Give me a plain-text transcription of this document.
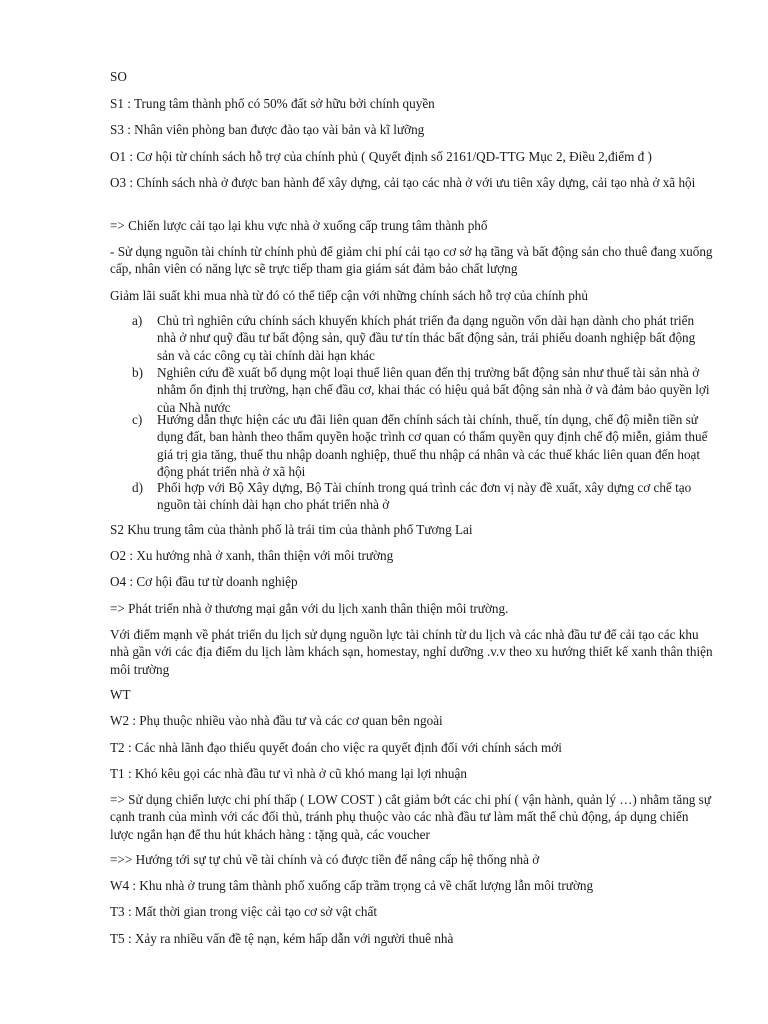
SO

S1 : Trung tâm thành phố có 50% đất sở hữu bởi chính quyền

S3 : Nhân viên phòng ban được đào tạo vài bản và kĩ lưỡng

O1 : Cơ hội từ chính sách hỗ trợ của chính phủ ( Quyết định số 2161/QD-TTG Mục 2, Điều 2,điểm đ )

O3 : Chính sách nhà ở được ban hành để xây dựng, cải tạo các nhà ở với ưu tiên xây dựng, cải tạo nhà ở xã hội

=> Chiến lược cải tạo lại khu vực nhà ở xuống cấp trung tâm thành phố

- Sử dụng nguồn tài chính từ chính phủ để giảm chi phí cải tạo cơ sở hạ tầng và bất động sản cho thuê đang xuống cấp, nhân viên có năng lực sẽ trực tiếp tham gia giám sát đảm bảo chất lượng

Giảm lãi suất khi mua nhà từ đó có thể tiếp cận với những chính sách hỗ trợ của chính phủ

a) Chủ trì nghiên cứu chính sách khuyến khích phát triển đa dạng nguồn vốn dài hạn dành cho phát triển nhà ở như quỹ đầu tư bất động sản, quỹ đầu tư tín thác bất động sản, trái phiếu doanh nghiệp bất động sản và các công cụ tài chính dài hạn khác
b) Nghiên cứu đề xuất bổ dụng một loại thuế liên quan đến thị trường bất động sản như thuế tài sản nhà ở nhằm ổn định thị trường, hạn chế đầu cơ, khai thác có hiệu quả bất động sản nhà ở và đảm bảo quyền lợi của Nhà nước
c) Hướng dẫn thực hiện các ưu đãi liên quan đến chính sách tài chính, thuế, tín dụng, chế độ miễn tiền sử dụng đất, ban hành theo thẩm quyền hoặc trình cơ quan có thẩm quyền quy định chế độ miễn, giảm thuế giá trị gia tăng, thuế thu nhập doanh nghiệp, thuế thu nhập cá nhân và các thuế khác liên quan đến hoạt động phát triển nhà ở xã hội
d) Phối hợp với Bộ Xây dựng, Bộ Tài chính trong quá trình các đơn vị này đề xuất, xây dựng cơ chế tạo nguồn tài chính dài hạn cho phát triển nhà ở

S2 Khu trung tâm của thành phố là trái tim của thành phố Tương Lai

O2 : Xu hướng nhà ở xanh, thân thiện với môi trường

O4 : Cơ hội đầu tư từ doanh nghiệp

=> Phát triển nhà ở thương mại gắn với du lịch xanh thân thiện môi trường.

Với điểm mạnh về phát triển du lịch sử dụng nguồn lực tài chính từ du lịch và các nhà đầu tư để cải tạo các khu nhà gần với các địa điểm du lịch làm khách sạn, homestay, nghỉ dưỡng .v.v theo xu hướng thiết kế xanh thân thiện môi trường

WT

W2 : Phụ thuộc nhiều vào nhà đầu tư và các cơ quan bên ngoài

T2 : Các nhà lãnh đạo thiếu quyết đoán cho việc ra quyết định đối với chính sách mới

T1 : Khó kêu gọi các nhà đầu tư vì nhà ở cũ khó mang lại lợi nhuận

=> Sử dụng chiến lược chi phí thấp ( LOW COST ) cắt giảm bớt các chi phí ( vận hành, quản lý …) nhằm tăng sự cạnh tranh của mình với các đối thủ, tránh phụ thuộc vào các nhà đầu tư làm mất thế chủ động, áp dụng chiến lược ngắn hạn để thu hút khách hàng : tặng quà, các voucher

=>> Hướng tới sự tự chủ về tài chính và có được tiền để nâng cấp hệ thống nhà ở

W4 : Khu nhà ở trung tâm thành phố xuống cấp trầm trọng cả về chất lượng lẫn môi trường

T3 : Mất thời gian trong việc cải tạo cơ sở vật chất

T5 : Xảy ra nhiều vấn đề tệ nạn, kém hấp dẫn với người thuê nhà
